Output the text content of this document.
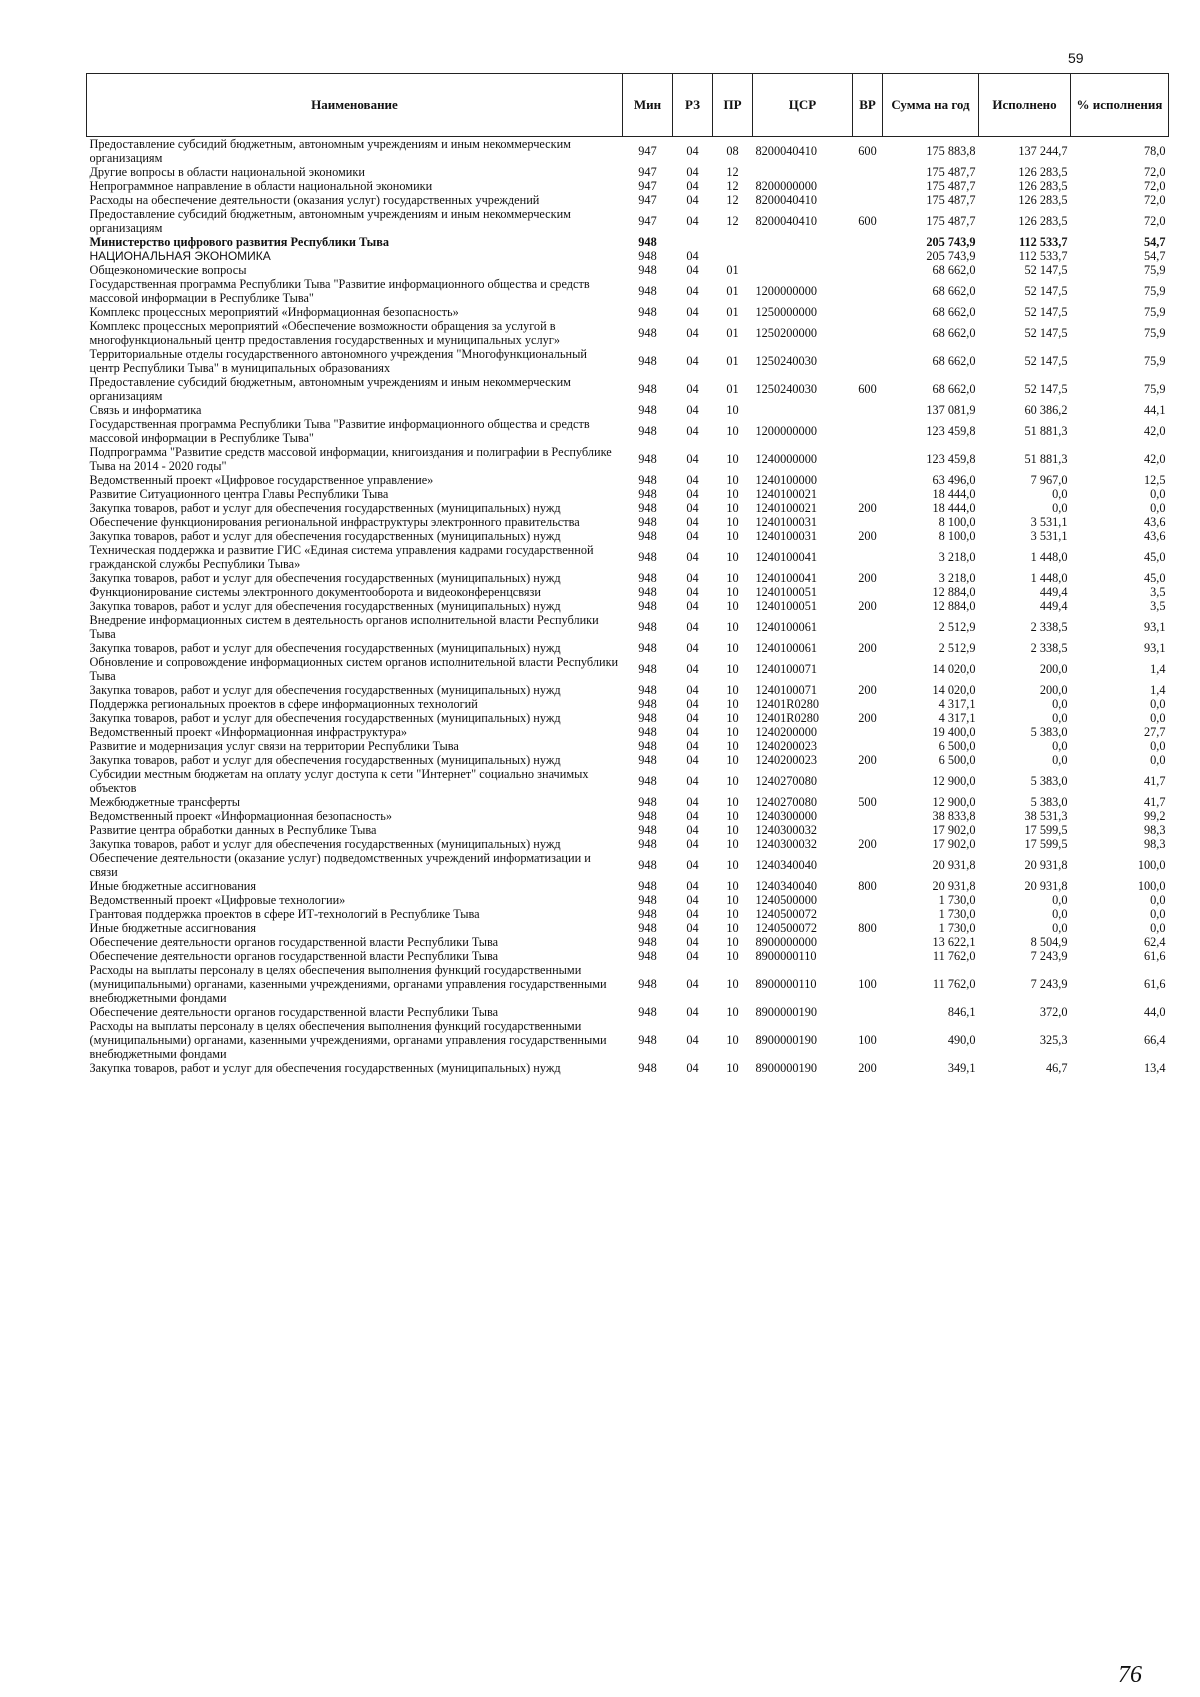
59
Наименование	Мин	РЗ	ПР	ЦСР	ВР	Сумма на год	Исполнено	% исполнения
Предоставление субсидий бюджетным, автономным учреждениям и иным некоммерческим организациям	947	04	08	8200040410	600	175 883,8	137 244,7	78,0
Другие вопросы в области национальной экономики	947	04	12			175 487,7	126 283,5	72,0
Непрограммное направление в области национальной экономики	947	04	12	8200000000		175 487,7	126 283,5	72,0
Расходы на обеспечение деятельности (оказания услуг) государственных учреждений	947	04	12	8200040410		175 487,7	126 283,5	72,0
Предоставление субсидий бюджетным, автономным учреждениям и иным некоммерческим организациям	947	04	12	8200040410	600	175 487,7	126 283,5	72,0
Министерство цифрового развития Республики Тыва	948					205 743,9	112 533,7	54,7
НАЦИОНАЛЬНАЯ ЭКОНОМИКА	948	04				205 743,9	112 533,7	54,7
Общеэкономические вопросы	948	04	01			68 662,0	52 147,5	75,9
Государственная программа Республики Тыва "Развитие информационного общества и средств массовой информации в Республике Тыва"	948	04	01	1200000000		68 662,0	52 147,5	75,9
Комплекс процессных мероприятий «Информационная безопасность»	948	04	01	1250000000		68 662,0	52 147,5	75,9
Комплекс процессных мероприятий «Обеспечение возможности обращения за услугой в многофункциональный центр предоставления государственных и муниципальных услуг»	948	04	01	1250200000		68 662,0	52 147,5	75,9
Территориальные отделы государственного автономного учреждения "Многофункциональный центр Республики Тыва" в муниципальных образованиях	948	04	01	1250240030		68 662,0	52 147,5	75,9
Предоставление субсидий бюджетным, автономным учреждениям и иным некоммерческим организациям	948	04	01	1250240030	600	68 662,0	52 147,5	75,9
Связь и информатика	948	04	10			137 081,9	60 386,2	44,1
Государственная программа Республики Тыва "Развитие информационного общества и средств массовой информации в Республике Тыва"	948	04	10	1200000000		123 459,8	51 881,3	42,0
Подпрограмма "Развитие средств массовой информации, книгоиздания и полиграфии в Республике Тыва на 2014 - 2020 годы"	948	04	10	1240000000		123 459,8	51 881,3	42,0
Ведомственный проект «Цифровое государственное управление»	948	04	10	1240100000		63 496,0	7 967,0	12,5
Развитие Ситуационного центра Главы Республики Тыва	948	04	10	1240100021		18 444,0	0,0	0,0
Закупка товаров, работ и услуг для обеспечения государственных (муниципальных) нужд	948	04	10	1240100021	200	18 444,0	0,0	0,0
Обеспечение функционирования региональной инфраструктуры электронного правительства	948	04	10	1240100031		8 100,0	3 531,1	43,6
Закупка товаров, работ и услуг для обеспечения государственных (муниципальных) нужд	948	04	10	1240100031	200	8 100,0	3 531,1	43,6
Техническая поддержка и развитие ГИС «Единая система управления кадрами государственной гражданской службы Республики Тыва»	948	04	10	1240100041		3 218,0	1 448,0	45,0
Закупка товаров, работ и услуг для обеспечения государственных (муниципальных) нужд	948	04	10	1240100041	200	3 218,0	1 448,0	45,0
Функционирование системы электронного документооборота и видеоконференцсвязи	948	04	10	1240100051		12 884,0	449,4	3,5
Закупка товаров, работ и услуг для обеспечения государственных (муниципальных) нужд	948	04	10	1240100051	200	12 884,0	449,4	3,5
Внедрение информационных систем в деятельность органов исполнительной власти Республики Тыва	948	04	10	1240100061		2 512,9	2 338,5	93,1
Закупка товаров, работ и услуг для обеспечения государственных (муниципальных) нужд	948	04	10	1240100061	200	2 512,9	2 338,5	93,1
Обновление и сопровождение информационных систем органов исполнительной власти Республики Тыва	948	04	10	1240100071		14 020,0	200,0	1,4
Закупка товаров, работ и услуг для обеспечения государственных (муниципальных) нужд	948	04	10	1240100071	200	14 020,0	200,0	1,4
Поддержка региональных проектов в сфере информационных технологий	948	04	10	12401R0280		4 317,1	0,0	0,0
Закупка товаров, работ и услуг для обеспечения государственных (муниципальных) нужд	948	04	10	12401R0280	200	4 317,1	0,0	0,0
Ведомственный проект «Информационная инфраструктура»	948	04	10	1240200000		19 400,0	5 383,0	27,7
Развитие и модернизация услуг связи на территории Республики Тыва	948	04	10	1240200023		6 500,0	0,0	0,0
Закупка товаров, работ и услуг для обеспечения государственных (муниципальных) нужд	948	04	10	1240200023	200	6 500,0	0,0	0,0
Субсидии местным бюджетам на оплату услуг доступа к сети "Интернет" социально значимых объектов	948	04	10	1240270080		12 900,0	5 383,0	41,7
Межбюджетные трансферты	948	04	10	1240270080	500	12 900,0	5 383,0	41,7
Ведомственный проект «Информационная безопасность»	948	04	10	1240300000		38 833,8	38 531,3	99,2
Развитие центра обработки данных в Республике Тыва	948	04	10	1240300032		17 902,0	17 599,5	98,3
Закупка товаров, работ и услуг для обеспечения государственных (муниципальных) нужд	948	04	10	1240300032	200	17 902,0	17 599,5	98,3
Обеспечение деятельности (оказание услуг) подведомственных учреждений информатизации и связи	948	04	10	1240340040		20 931,8	20 931,8	100,0
Иные бюджетные ассигнования	948	04	10	1240340040	800	20 931,8	20 931,8	100,0
Ведомственный проект «Цифровые технологии»	948	04	10	1240500000		1 730,0	0,0	0,0
Грантовая поддержка проектов в сфере ИТ-технологий в Республике Тыва	948	04	10	1240500072		1 730,0	0,0	0,0
Иные бюджетные ассигнования	948	04	10	1240500072	800	1 730,0	0,0	0,0
Обеспечение деятельности органов государственной власти Республики Тыва	948	04	10	8900000000		13 622,1	8 504,9	62,4
Обеспечение деятельности органов государственной власти Республики Тыва	948	04	10	8900000110		11 762,0	7 243,9	61,6
Расходы на выплаты персоналу в целях обеспечения выполнения функций государственными (муниципальными) органами, казенными учреждениями, органами управления государственными внебюджетными фондами	948	04	10	8900000110	100	11 762,0	7 243,9	61,6
Обеспечение деятельности органов государственной власти Республики Тыва	948	04	10	8900000190		846,1	372,0	44,0
Расходы на выплаты персоналу в целях обеспечения выполнения функций государственными (муниципальными) органами, казенными учреждениями, органами управления государственными внебюджетными фондами	948	04	10	8900000190	100	490,0	325,3	66,4
Закупка товаров, работ и услуг для обеспечения государственных (муниципальных) нужд	948	04	10	8900000190	200	349,1	46,7	13,4
76
